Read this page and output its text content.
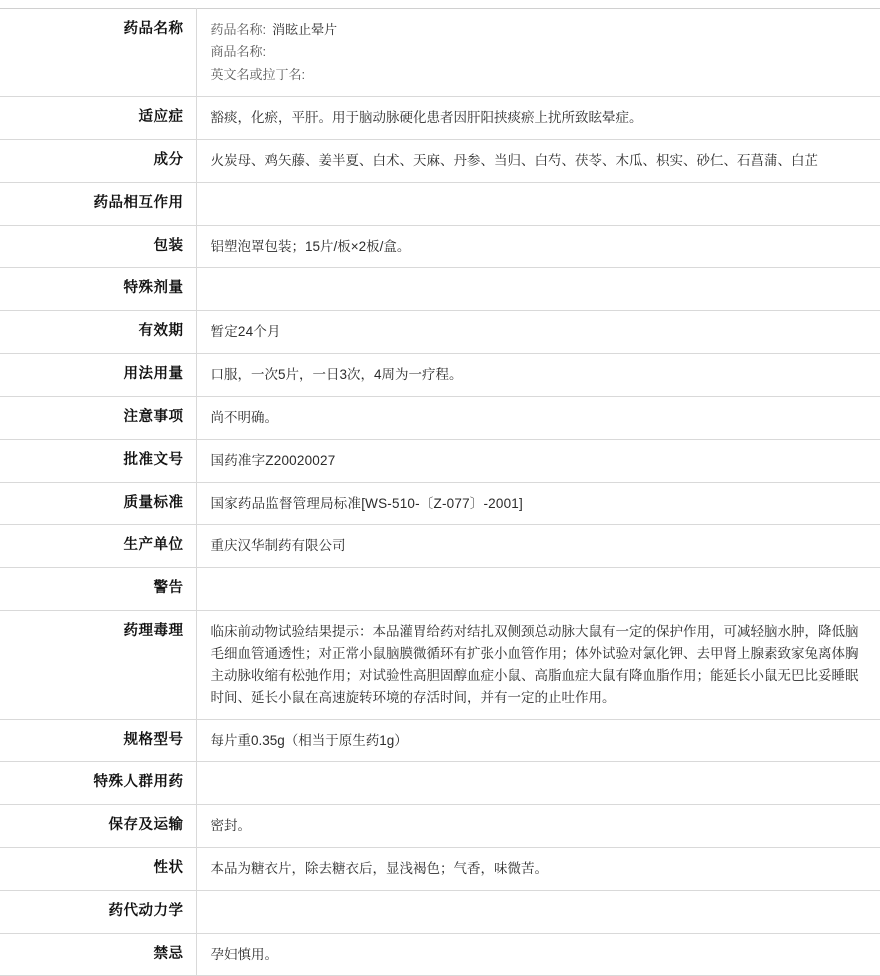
药品名称	药品名称: 消眩止晕片
商品名称:
英文名或拉丁名:

适应症	豁痰，化瘀，平肝。用于脑动脉硬化患者因肝阳挟痰瘀上扰所致眩晕症。
成分	火炭母、鸡矢藤、姜半夏、白术、天麻、丹参、当归、白芍、茯苓、木瓜、枳实、砂仁、石菖蒲、白芷
药品相互作用	
包装	铝塑泡罩包装；15片/板×2板/盒。
特殊剂量	
有效期	暂定24个月
用法用量	口服，一次5片，一日3次，4周为一疗程。
注意事项	尚不明确。
批准文号	国药准字Z20020027
质量标准	国家药品监督管理局标准[WS-510-〔Z-077〕-2001]
生产单位	重庆汉华制药有限公司
警告	
药理毒理	临床前动物试验结果提示：本品灌胃给药对结扎双侧颈总动脉大鼠有一定的保护作用，可减轻脑水肿，降低脑毛细血管通透性；对正常小鼠脑膜微循环有扩张小血管作用；体外试验对氯化钾、去甲肾上腺素致家兔离体胸主动脉收缩有松弛作用；对试验性高胆固醇血症小鼠、高脂血症大鼠有降血脂作用；能延长小鼠无巴比妥睡眠时间、延长小鼠在高速旋转环境的存活时间，并有一定的止吐作用。
规格型号	每片重0.35g（相当于原生药1g）
特殊人群用药	
保存及运输	密封。
性状	本品为糖衣片，除去糖衣后，显浅褐色；气香，味微苦。
药代动力学	
禁忌	孕妇慎用。
